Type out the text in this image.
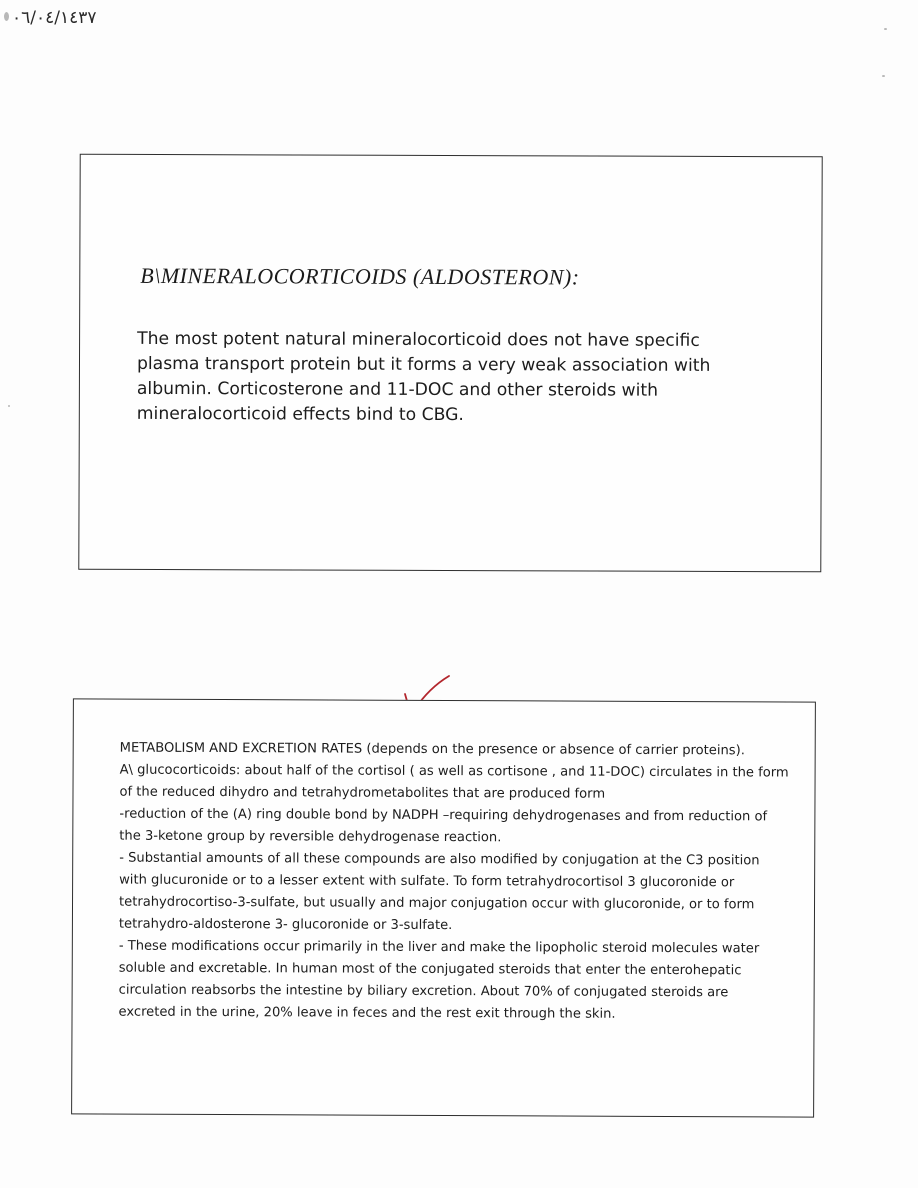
٠٦/٠٤/١٤٣٧
B\MINERALOCORTICOIDS (ALDOSTERON):

The most potent natural mineralocorticoid does not have specific plasma transport protein but it forms a very weak association with albumin. Corticosterone and 11-DOC and other steroids with mineralocorticoid effects bind to CBG.

METABOLISM AND EXCRETION RATES (depends on the presence or absence of carrier proteins).

A\ glucocorticoids: about half of the cortisol ( as well as cortisone , and 11-DOC) circulates in the form of the reduced dihydro and tetrahydrometabolites that are produced form

-reduction of the (A) ring double bond by NADPH –requiring dehydrogenases and from reduction of the 3-ketone group by reversible dehydrogenase reaction.

- Substantial amounts of all these compounds are also modified by conjugation at the C3 position with glucuronide or to a lesser extent with sulfate. To form tetrahydrocortisol 3 glucoronide or tetrahydrocortiso-3-sulfate, but usually and major conjugation occur with glucoronide, or to form tetrahydro-aldosterone 3- glucoronide or 3-sulfate.

- These modifications occur primarily in the liver and make the lipopholic steroid molecules water soluble and excretable. In human most of the conjugated steroids that enter the enterohepatic circulation reabsorbs the intestine by biliary excretion. About 70% of conjugated steroids are excreted in the urine, 20% leave in feces and the rest exit through the skin.
